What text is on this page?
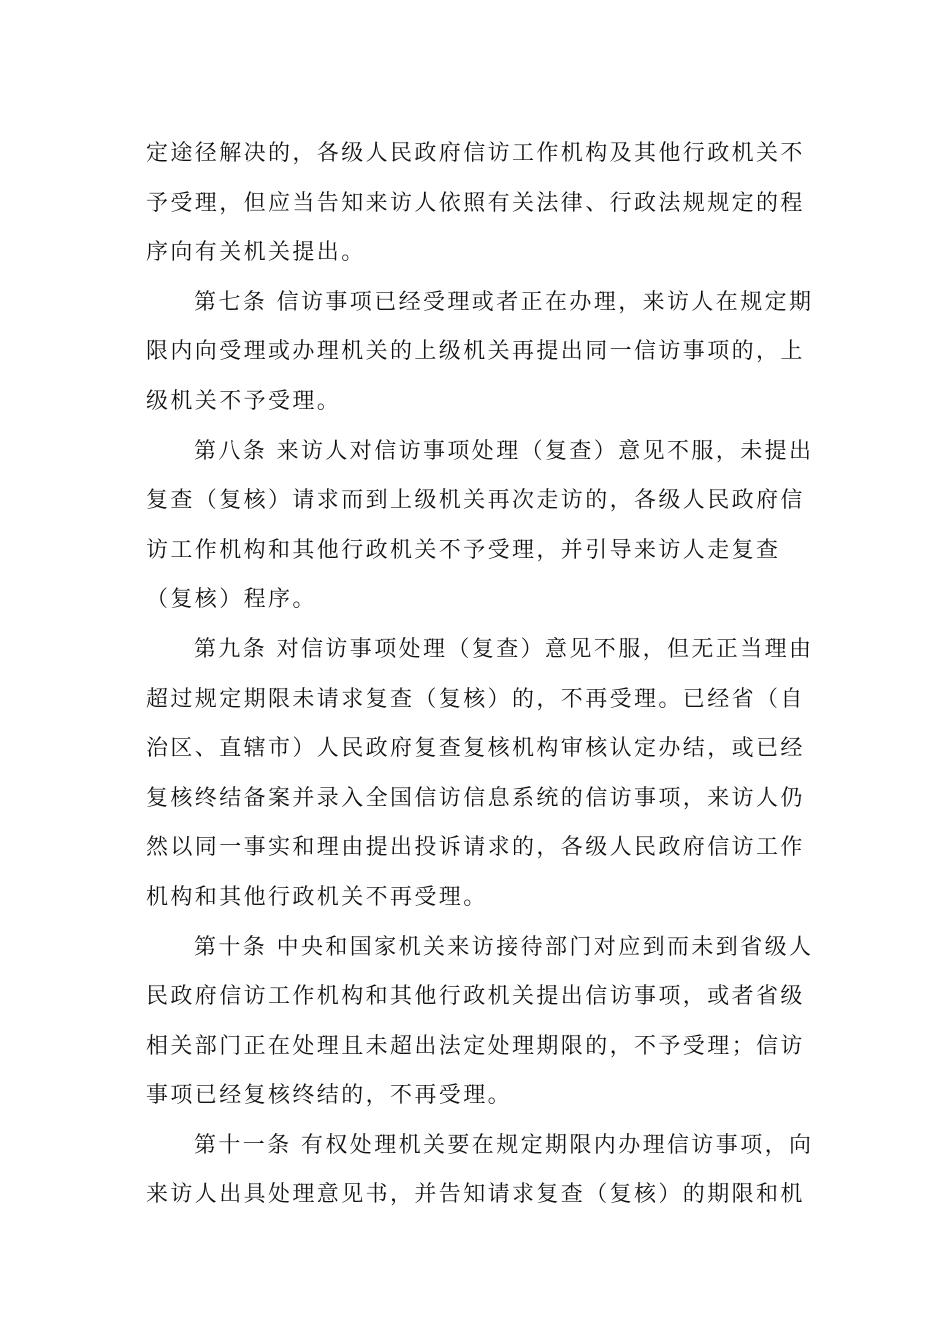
定途径解决的，各级人民政府信访工作机构及其他行政机关不
予受理，但应当告知来访人依照有关法律、行政法规规定的程
序向有关机关提出。
第七条 信访事项已经受理或者正在办理，来访人在规定期
限内向受理或办理机关的上级机关再提出同一信访事项的，上
级机关不予受理。
第八条 来访人对信访事项处理（复查）意见不服，未提出
复查（复核）请求而到上级机关再次走访的，各级人民政府信
访工作机构和其他行政机关不予受理，并引导来访人走复查
（复核）程序。
第九条 对信访事项处理（复查）意见不服，但无正当理由
超过规定期限未请求复查（复核）的，不再受理。已经省（自
治区、直辖市）人民政府复查复核机构审核认定办结，或已经
复核终结备案并录入全国信访信息系统的信访事项，来访人仍
然以同一事实和理由提出投诉请求的，各级人民政府信访工作
机构和其他行政机关不再受理。
第十条 中央和国家机关来访接待部门对应到而未到省级人
民政府信访工作机构和其他行政机关提出信访事项，或者省级
相关部门正在处理且未超出法定处理期限的，不予受理；信访
事项已经复核终结的，不再受理。
第十一条 有权处理机关要在规定期限内办理信访事项，向
来访人出具处理意见书，并告知请求复查（复核）的期限和机
